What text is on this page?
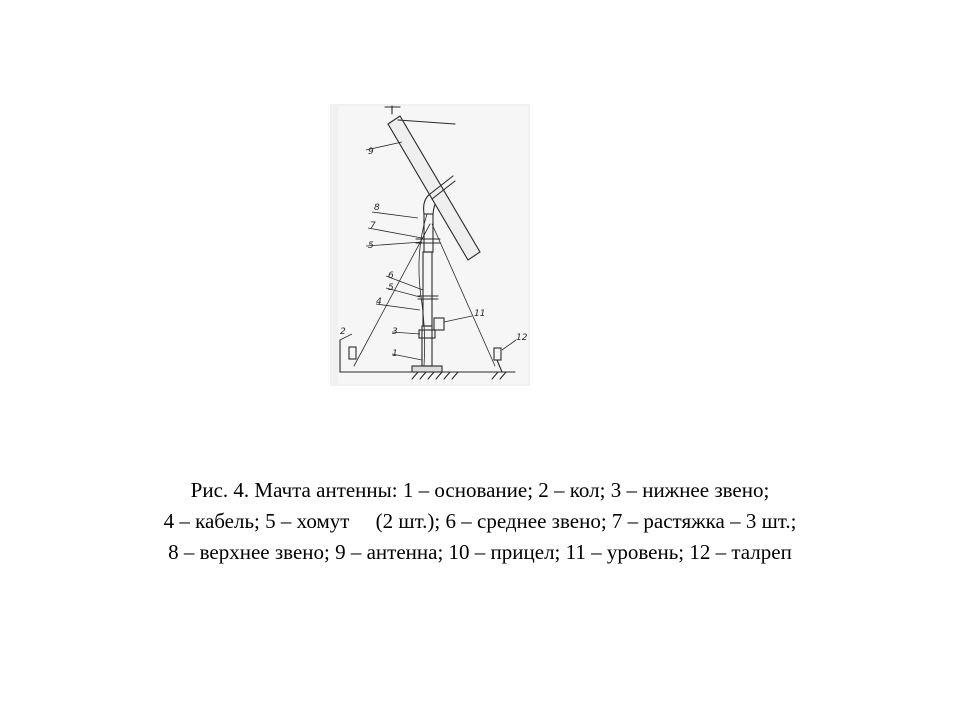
9
8
7
5
6
5
4
3
1
11
12
2
Рис. 4. Мачта антенны: 1 – основание; 2 – кол; 3 – нижнее звено;
4 – кабель; 5 – хомут     (2 шт.); 6 – среднее звено; 7 – растяжка – 3 шт.;
8 – верхнее звено; 9 – антенна; 10 – прицел; 11 – уровень; 12 – талреп
